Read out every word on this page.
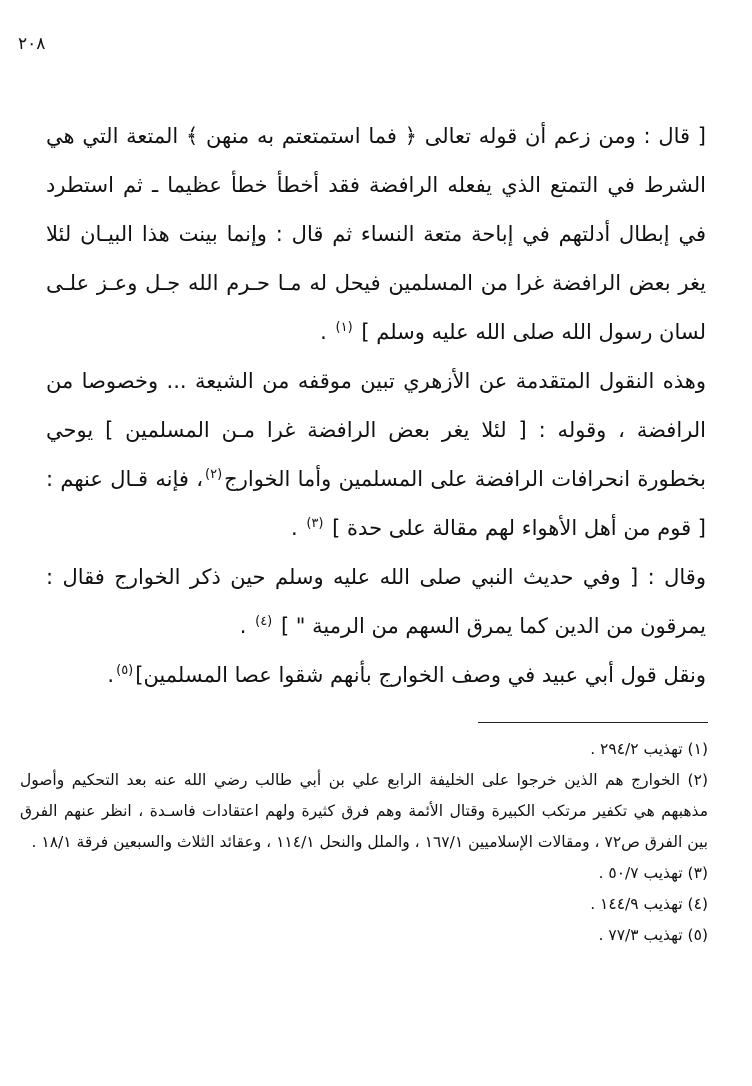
٢٠٨

[ قال : ومن زعم أن قوله تعالى ﴿ فما استمتعتم به منهن ﴾ المتعة التي هي الشرط في التمتع الذي يفعله الرافضة فقد أخطأ خطأ عظيما ـ ثم استطرد في إبطال أدلتهم في إباحة متعة النساء ثم قال : وإنما بينت هذا البيـان لئلا يغر بعض الرافضة غرا من المسلمين فيحل له مـا حـرم الله جـل وعـز علـى لسان رسول الله صلى الله عليه وسلم ] $^{(١)}$ .

وهذه النقول المتقدمة عن الأزهري تبين موقفه من الشيعة ... وخصوصا من الرافضة ، وقوله : [ لئلا يغر بعض الرافضة غرا مـن المسلمين ] يوحي بخطورة انحرافات الرافضة على المسلمين وأما الخوارج$^{(٢)}$، فإنه قـال عنهم : [ قوم من أهل الأهواء لهم مقالة على حدة ] $^{(٣)}$ .

وقال : [ وفي حديث النبي صلى الله عليه وسلم حين ذكر الخوارج فقال : يمرقون من الدين كما يمرق السهم من الرمية " ] $^{(٤)}$ .

ونقل قول أبي عبيد في وصف الخوارج بأنهم شقوا عصا المسلمين]$^{(٥)}$.

(١) تهذيب ٢٩٤/٢ .

(٢) الخوارج هم الذين خرجوا على الخليفة الرابع علي بن أبي طالب رضي الله عنه بعد التحكيم وأصول مذهبهم هي تكفير مرتكب الكبيرة وقتال الأئمة وهم فرق كثيرة ولهم اعتقادات فاسـدة ، انظر عنهم الفرق بين الفرق ص٧٢ ، ومقالات الإسلاميين ١٦٧/١ ، والملل والنحل ١١٤/١ ، وعقائد الثلاث والسبعين فرقة ١٨/١ .

(٣) تهذيب ٥٠/٧ .

(٤) تهذيب ١٤٤/٩ .

(٥) تهذيب ٧٧/٣ .
